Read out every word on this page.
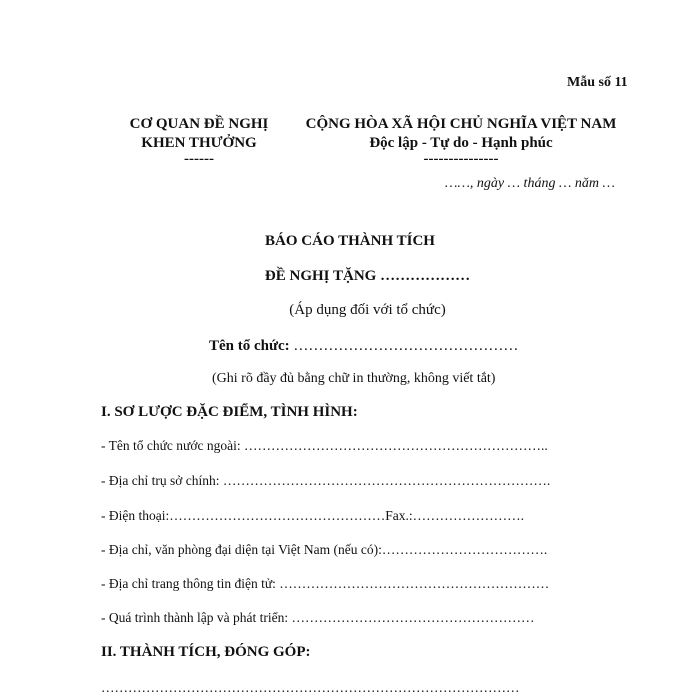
Mẫu số 11
CƠ QUAN ĐỀ NGHỊ
KHEN THƯỞNG
------
CỘNG HÒA XÃ HỘI CHỦ NGHĨA VIỆT NAM
Độc lập - Tự do - Hạnh phúc
---------------
……, ngày … tháng … năm …
BÁO CÁO THÀNH TÍCH
ĐỀ NGHỊ TẶNG ………………
(Áp dụng đối với tổ chức)
Tên tổ chức: ………………………………………
(Ghi rõ đầy đủ bằng chữ in thường, không viết tắt)
I. SƠ LƯỢC ĐẶC ĐIỂM, TÌNH HÌNH:
- Tên tổ chức nước ngoài: …………………………………………………………..
- Địa chỉ trụ sở chính: ……………………………………………………………….
- Điện thoại:…………………………………………Fax.:…………………….
- Địa chỉ, văn phòng đại diện tại Việt Nam (nếu có):……………………………….
- Địa chỉ trang thông tin điện tử: ……………………………………………………
- Quá trình thành lập và phát triển: ………………………………………………
II. THÀNH TÍCH, ĐÓNG GÓP:
…………………………………………………………………………………
